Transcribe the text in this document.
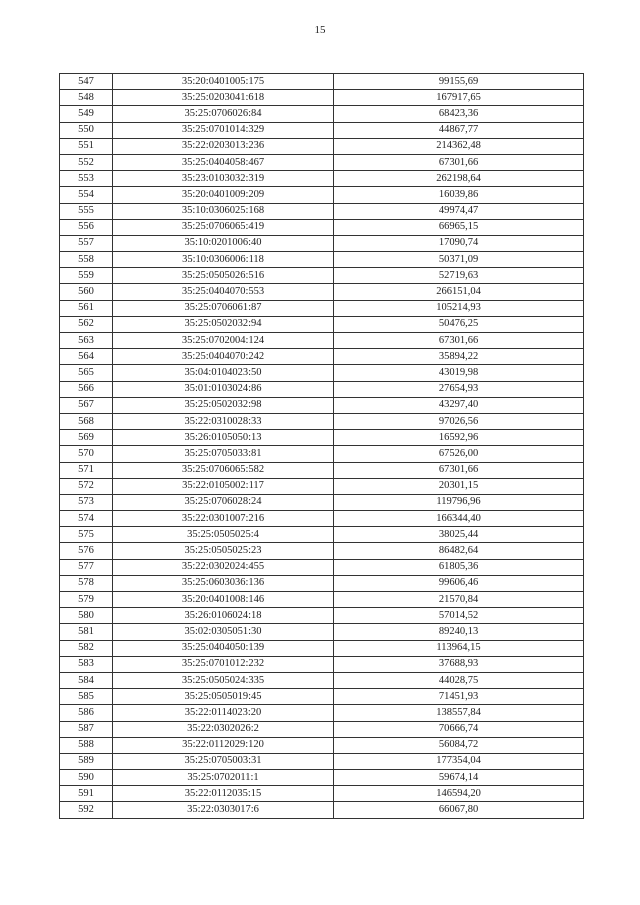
15
547	35:20:0401005:175	99155,69
548	35:25:0203041:618	167917,65
549	35:25:0706026:84	68423,36
550	35:25:0701014:329	44867,77
551	35:22:0203013:236	214362,48
552	35:25:0404058:467	67301,66
553	35:23:0103032:319	262198,64
554	35:20:0401009:209	16039,86
555	35:10:0306025:168	49974,47
556	35:25:0706065:419	66965,15
557	35:10:0201006:40	17090,74
558	35:10:0306006:118	50371,09
559	35:25:0505026:516	52719,63
560	35:25:0404070:553	266151,04
561	35:25:0706061:87	105214,93
562	35:25:0502032:94	50476,25
563	35:25:0702004:124	67301,66
564	35:25:0404070:242	35894,22
565	35:04:0104023:50	43019,98
566	35:01:0103024:86	27654,93
567	35:25:0502032:98	43297,40
568	35:22:0310028:33	97026,56
569	35:26:0105050:13	16592,96
570	35:25:0705033:81	67526,00
571	35:25:0706065:582	67301,66
572	35:22:0105002:117	20301,15
573	35:25:0706028:24	119796,96
574	35:22:0301007:216	166344,40
575	35:25:0505025:4	38025,44
576	35:25:0505025:23	86482,64
577	35:22:0302024:455	61805,36
578	35:25:0603036:136	99606,46
579	35:20:0401008:146	21570,84
580	35:26:0106024:18	57014,52
581	35:02:0305051:30	89240,13
582	35:25:0404050:139	113964,15
583	35:25:0701012:232	37688,93
584	35:25:0505024:335	44028,75
585	35:25:0505019:45	71451,93
586	35:22:0114023:20	138557,84
587	35:22:0302026:2	70666,74
588	35:22:0112029:120	56084,72
589	35:25:0705003:31	177354,04
590	35:25:0702011:1	59674,14
591	35:22:0112035:15	146594,20
592	35:22:0303017:6	66067,80
